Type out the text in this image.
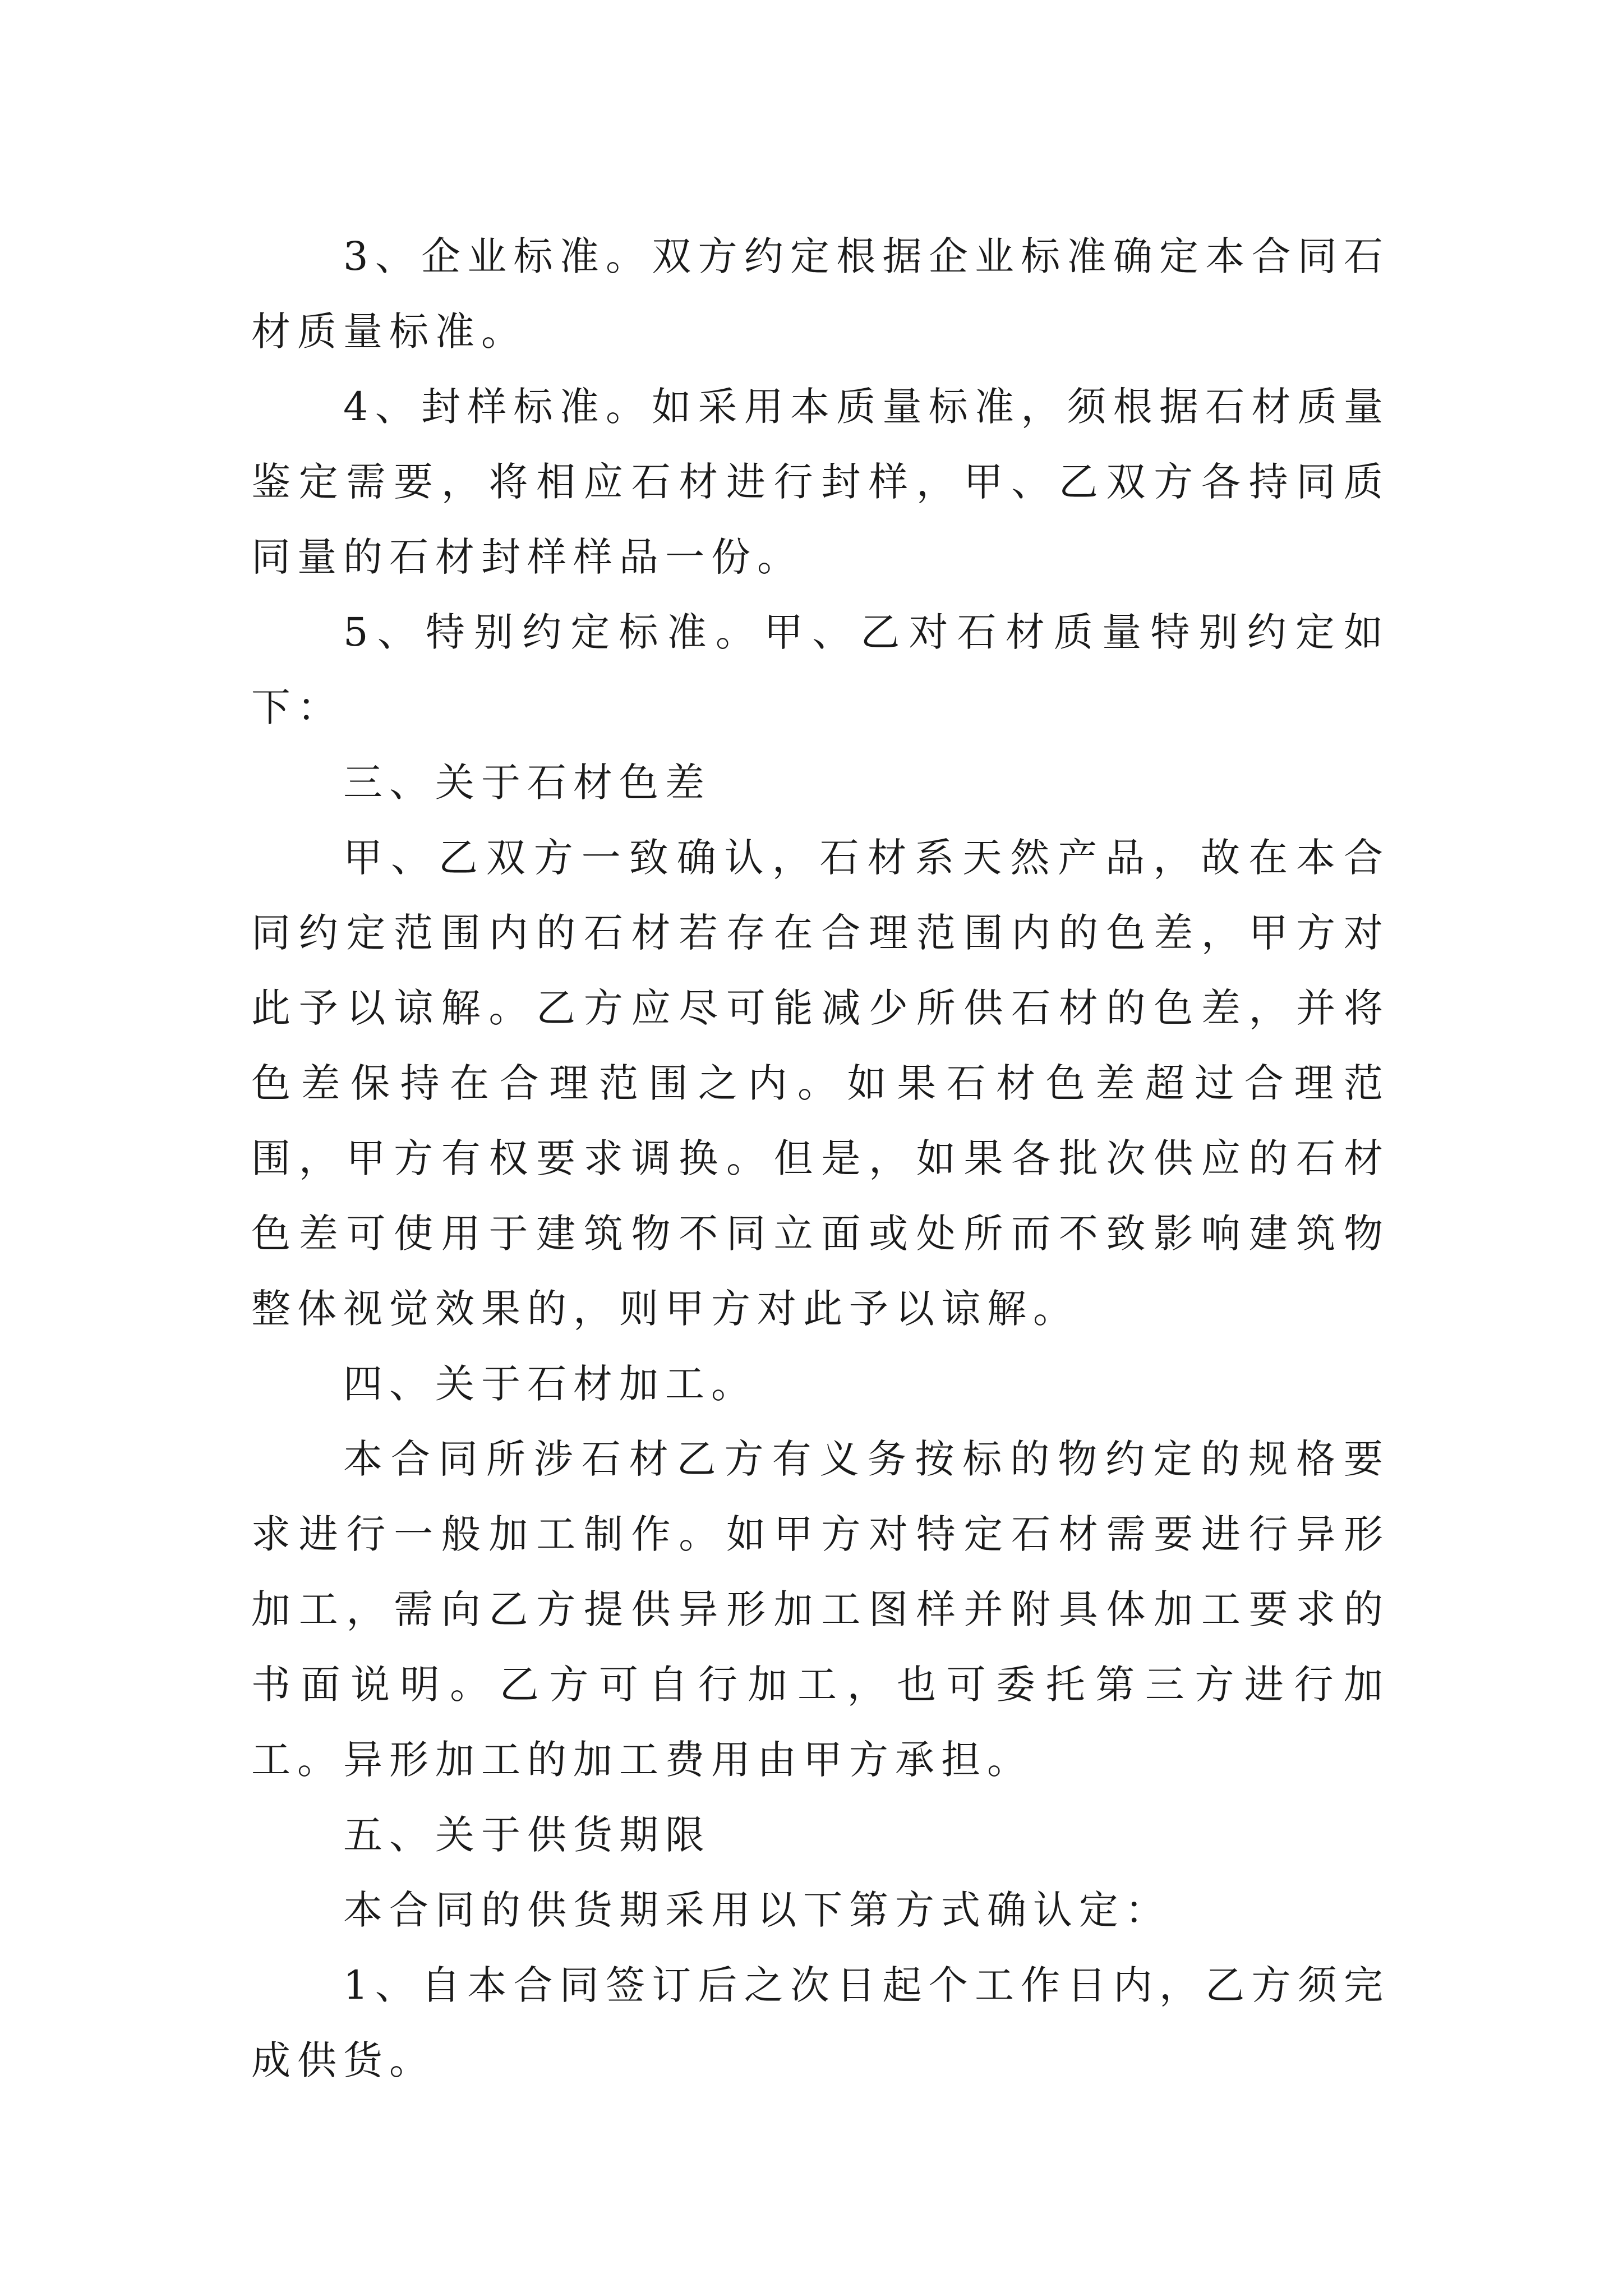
3、企业标准。双方约定根据企业标准确定本合同石材质量标准。

4、封样标准。如采用本质量标准，须根据石材质量鉴定需要，将相应石材进行封样，甲、乙双方各持同质同量的石材封样样品一份。

5、特别约定标准。甲、乙对石材质量特别约定如下：

三、关于石材色差

甲、乙双方一致确认，石材系天然产品，故在本合同约定范围内的石材若存在合理范围内的色差，甲方对此予以谅解。乙方应尽可能减少所供石材的色差，并将色差保持在合理范围之内。如果石材色差超过合理范围，甲方有权要求调换。但是，如果各批次供应的石材色差可使用于建筑物不同立面或处所而不致影响建筑物整体视觉效果的，则甲方对此予以谅解。

四、关于石材加工。

本合同所涉石材乙方有义务按标的物约定的规格要求进行一般加工制作。如甲方对特定石材需要进行异形加工，需向乙方提供异形加工图样并附具体加工要求的书面说明。乙方可自行加工，也可委托第三方进行加工。异形加工的加工费用由甲方承担。

五、关于供货期限

本合同的供货期采用以下第方式确认定：

1、自本合同签订后之次日起个工作日内，乙方须完成供货。
